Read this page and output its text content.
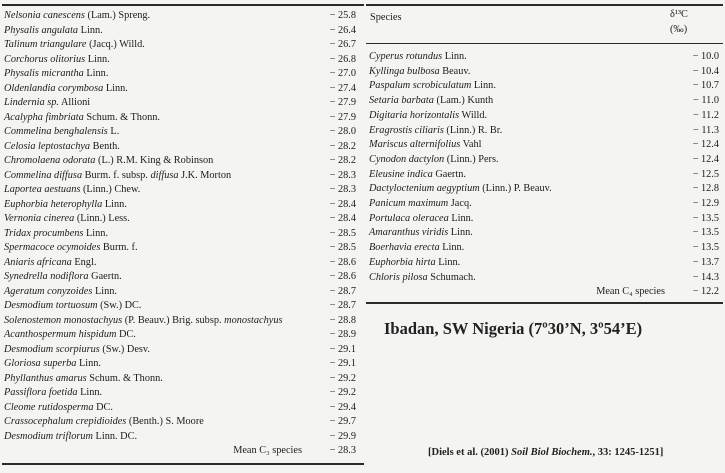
Nelsonia canescens (Lam.) Spreng.	− 25.8
Physalis angulata Linn.	− 26.4
Talinum triangulare (Jacq.) Willd.	− 26.7
Corchorus olitorius Linn.	− 26.8
Physalis micrantha Linn.	− 27.0
Oldenlandia corymbosa Linn.	− 27.4
Lindernia sp. Allioni	− 27.9
Acalypha fimbriata Schum. & Thonn.	− 27.9
Commelina benghalensis L.	− 28.0
Celosia leptostachya Benth.	− 28.2
Chromolaena odorata (L.) R.M. King & Robinson	− 28.2
Commelina diffusa Burm. f. subsp. diffusa J.K. Morton	− 28.3
Laportea aestuans (Linn.) Chew.	− 28.3
Euphorbia heterophylla Linn.	− 28.4
Vernonia cinerea (Linn.) Less.	− 28.4
Tridax procumbens Linn.	− 28.5
Spermacoce ocymoides Burm. f.	− 28.5
Aniaris africana Engl.	− 28.6
Synedrella nodiflora Gaertn.	− 28.6
Ageratum conyzoides Linn.	− 28.7
Desmodium tortuosum (Sw.) DC.	− 28.7
Solenostemon monostachyus (P. Beauv.) Brig. subsp. monostachyus	− 28.8
Acanthospermum hispidum DC.	− 28.9
Desmodium scorpiurus (Sw.) Desv.	− 29.1
Gloriosa superba Linn.	− 29.1
Phyllanthus amarus Schum. & Thonn.	− 29.2
Passiflora foetida Linn.	− 29.2
Cleome rutidosperma DC.	− 29.4
Crassocephalum crepidioides (Benth.) S. Moore	− 29.7
Desmodium triflorum Linn. DC.	− 29.9
Mean C₃ species	− 28.3
Species	δ¹³C
(‰)
Cyperus rotundus Linn.	− 10.0
Kyllinga bulbosa Beauv.	− 10.4
Paspalum scrobiculatum Linn.	− 10.7
Setaria barbata (Lam.) Kunth	− 11.0
Digitaria horizontalis Willd.	− 11.2
Eragrostis ciliaris (Linn.) R. Br.	− 11.3
Mariscus alternifolius Vahl	− 12.4
Cynodon dactylon (Linn.) Pers.	− 12.4
Eleusine indica Gaertn.	− 12.5
Dactyloctenium aegyptium (Linn.) P. Beauv.	− 12.8
Panicum maximum Jacq.	− 12.9
Portulaca oleracea Linn.	− 13.5
Amaranthus viridis Linn.	− 13.5
Boerhavia erecta Linn.	− 13.5
Euphorbia hirta Linn.	− 13.7
Chloris pilosa Schumach.	− 14.3
Mean C₄ species	− 12.2
Ibadan, SW Nigeria (7º30’N, 3º54’E)
[Diels et al. (2001) Soil Biol Biochem., 33: 1245-1251]
